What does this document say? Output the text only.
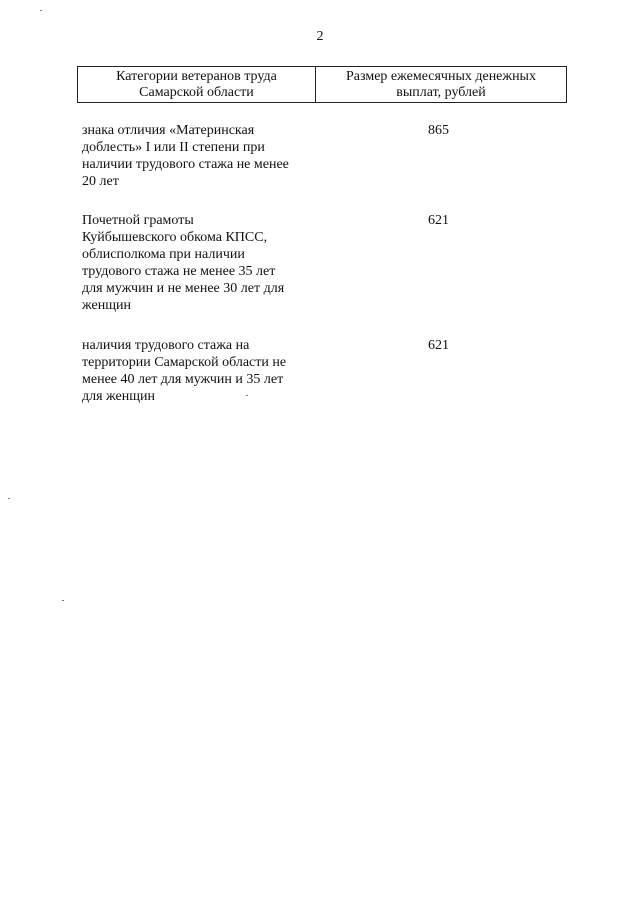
2
Категории ветеранов труда
Самарской области
Размер ежемесячных денежных
выплат, рублей
знака отличия «Материнская
доблесть» I или II степени при
наличии трудового стажа не менее
20 лет
865
Почетной грамоты
Куйбышевского обкома КПСС,
облисполкома при наличии
трудового стажа не менее 35 лет
для мужчин и не менее 30 лет для
женщин
621
наличия трудового стажа на
территории Самарской области не
менее 40 лет для мужчин и 35 лет
для женщин
621
